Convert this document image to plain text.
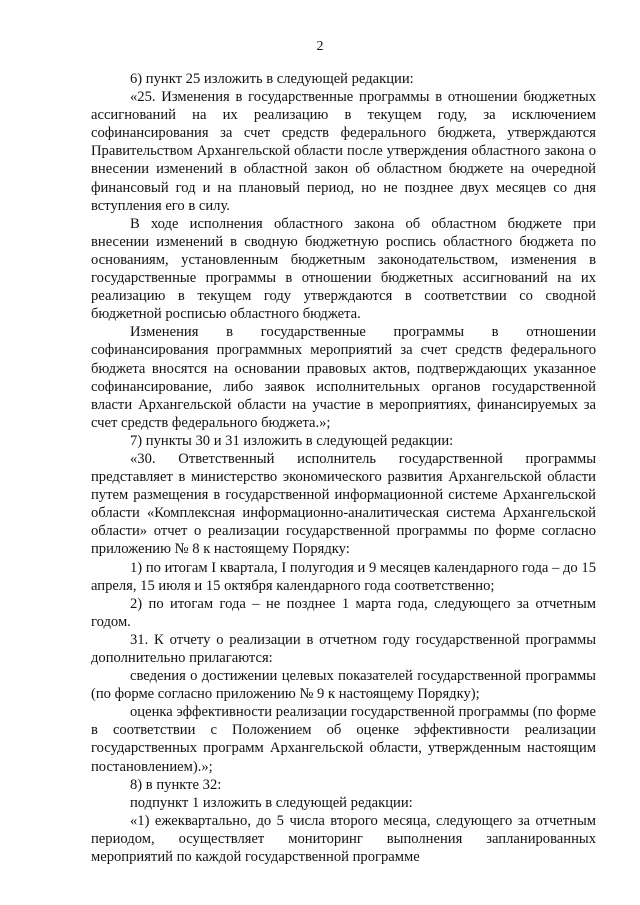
2

6) пункт 25 изложить в следующей редакции:

«25. Изменения в государственные программы в отношении бюджетных ассигнований на их реализацию в текущем году, за исключением софинансирования за счет средств федерального бюджета, утверждаются Правительством Архангельской области после утверждения областного закона о внесении изменений в областной закон об областном бюджете на очередной финансовый год и на плановый период, но не позднее двух месяцев со дня вступления его в силу.

В ходе исполнения областного закона об областном бюджете при внесении изменений в сводную бюджетную роспись областного бюджета по основаниям, установленным бюджетным законодательством, изменения в государственные программы в отношении бюджетных ассигнований на их реализацию в текущем году утверждаются в соответствии со сводной бюджетной росписью областного бюджета.

Изменения в государственные программы в отношении софинансирования программных мероприятий за счет средств федерального бюджета вносятся на основании правовых актов, подтверждающих указанное софинансирование, либо заявок исполнительных органов государственной власти Архангельской области на участие в мероприятиях, финансируемых за счет средств федерального бюджета.»;

7) пункты 30 и 31 изложить в следующей редакции:

«30. Ответственный исполнитель государственной программы представляет в министерство экономического развития Архангельской области путем размещения в государственной информационной системе Архангельской области «Комплексная информационно-аналитическая система Архангельской области» отчет о реализации государственной программы по форме согласно приложению № 8 к настоящему Порядку:

1) по итогам I квартала, I полугодия и 9 месяцев календарного года – до 15 апреля, 15 июля и 15 октября календарного года соответственно;

2) по итогам года – не позднее 1 марта года, следующего за отчетным годом.

31. К отчету о реализации в отчетном году государственной программы дополнительно прилагаются:

сведения о достижении целевых показателей государственной программы (по форме согласно приложению № 9 к настоящему Порядку);

оценка эффективности реализации государственной программы (по форме в соответствии с Положением об оценке эффективности реализации государственных программ Архангельской области, утвержденным настоящим постановлением).»;

8) в пункте 32:

подпункт 1 изложить в следующей редакции:

«1) ежеквартально, до 5 числа второго месяца, следующего за отчетным периодом, осуществляет мониторинг выполнения запланированных мероприятий по каждой государственной программе
